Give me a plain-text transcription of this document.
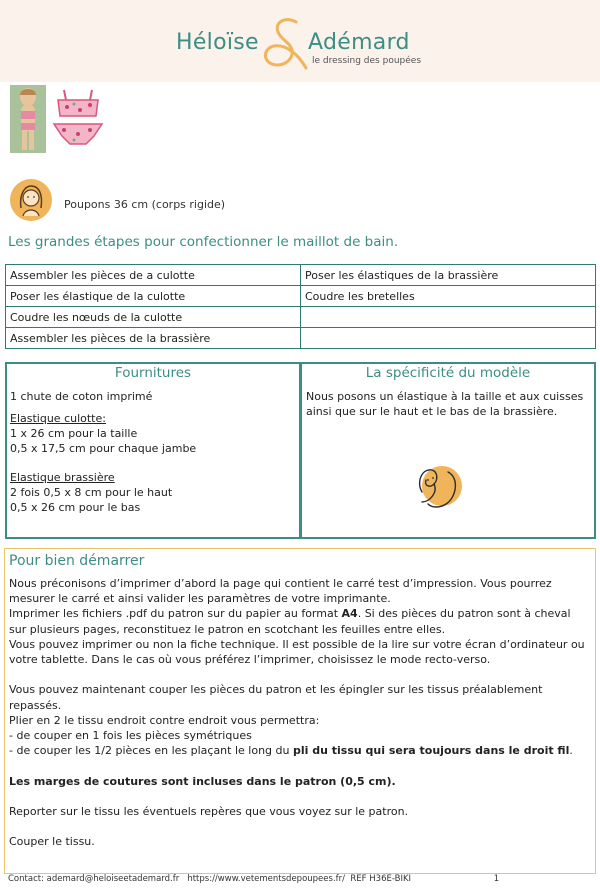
Héloïse Adémard
le dressing des poupées
Poupons 36 cm (corps rigide)
Les grandes étapes pour confectionner le maillot de bain.
Assembler les pièces de a culotte	Poser les élastiques de la brassière
Poser les élastique de la culotte	Coudre les bretelles
Coudre les nœuds de la culotte	
Assembler les pièces de la brassière	
Fournitures

1 chute de coton imprimé

Elastique culotte:

1 x 26 cm pour la taille

0,5 x 17,5 cm pour chaque jambe

Elastique brassière

2 fois 0,5 x 8 cm pour le haut

0,5 x 26 cm pour le bas

La spécificité du modèle

Nous posons un élastique à la taille et aux cuisses ainsi que sur le haut et le bas de la brassière.

Pour bien démarrer

Nous préconisons d’imprimer d’abord la page qui contient le carré test d’impression. Vous pourrez mesurer le carré et ainsi valider les paramètres de votre imprimante.

Imprimer les fichiers .pdf du patron sur du papier au format A4. Si des pièces du patron sont à cheval sur plusieurs pages, reconstituez le patron en scotchant les feuilles entre elles.

Vous pouvez imprimer ou non la fiche technique. Il est possible de la lire sur votre écran d’ordinateur ou votre tablette. Dans le cas où vous préférez l’imprimer, choisissez le mode recto-verso.

Vous pouvez maintenant couper les pièces du patron et les épingler sur les tissus préalablement repassés.

Plier en 2 le tissu endroit contre endroit vous permettra:

- de couper en 1 fois les pièces symétriques

- de couper les 1/2 pièces en les plaçant le long du pli du tissu qui sera toujours dans le droit fil.

Les marges de coutures sont incluses dans le patron (0,5 cm).

Reporter sur le tissu les éventuels repères que vous voyez sur le patron.

Couper le tissu.

Contact: ademard@heloiseetademard.fr https://www.vetementsdepoupees.fr/ REF H36E-BIKI	1
